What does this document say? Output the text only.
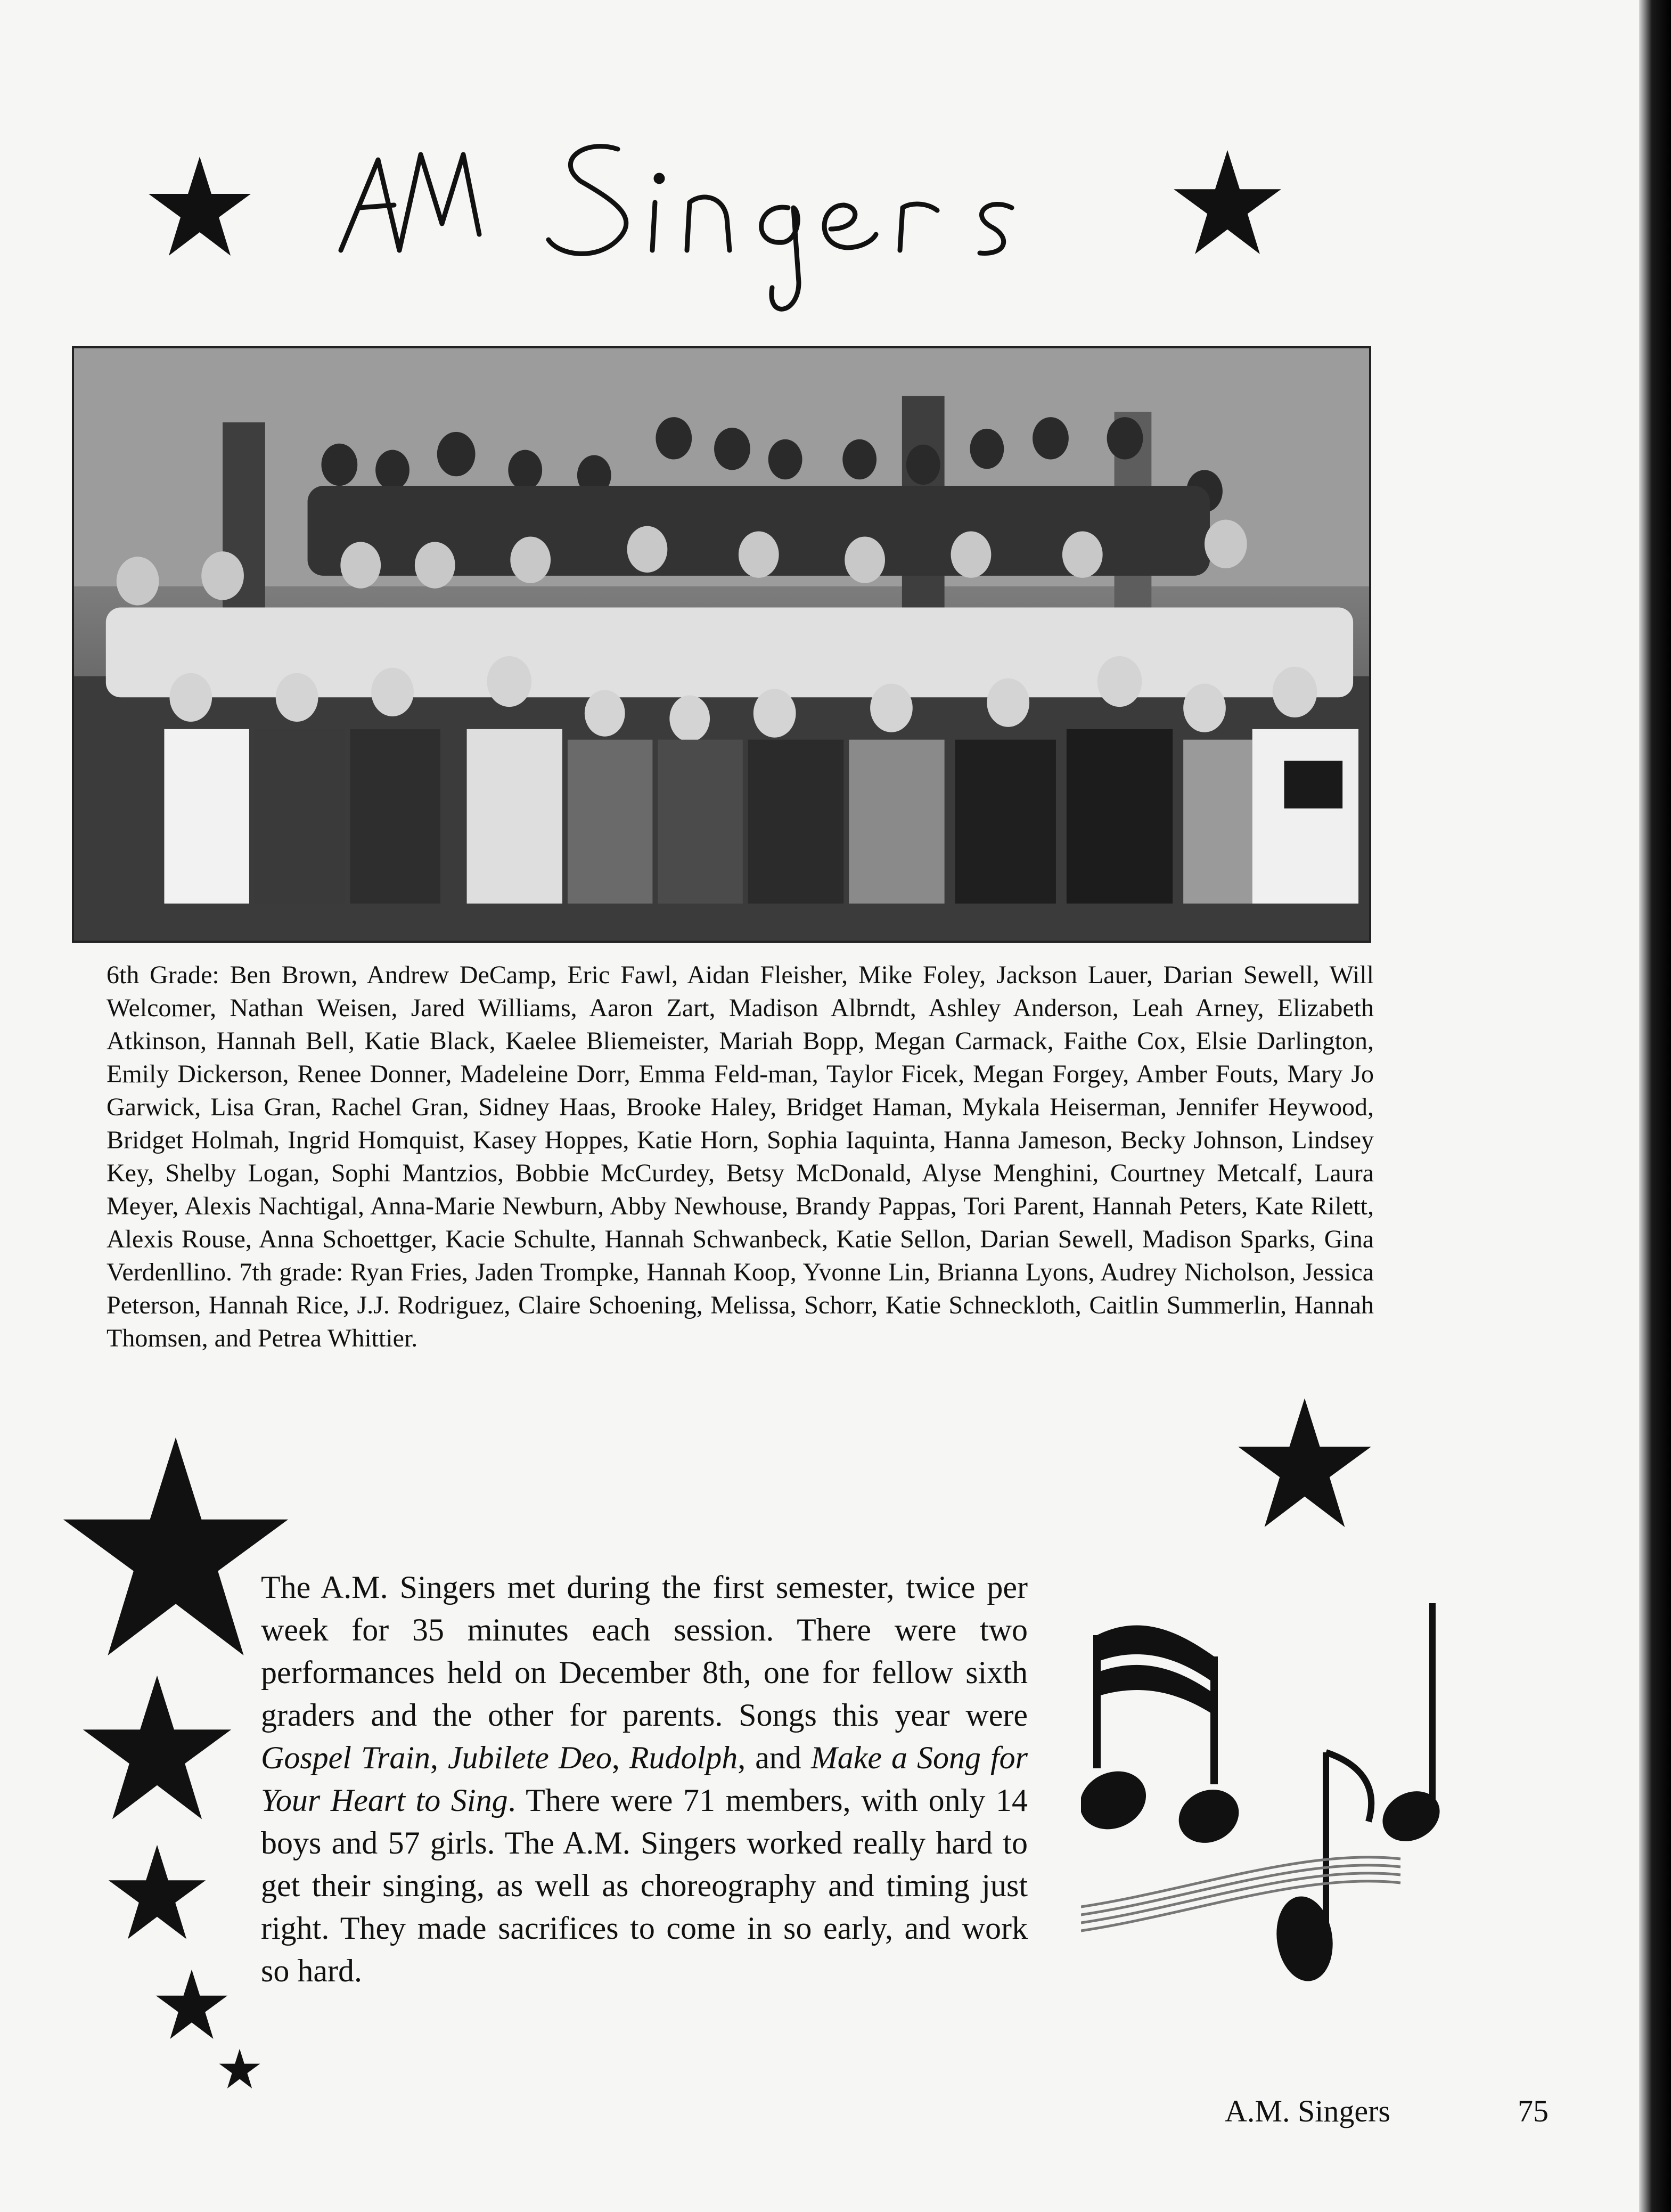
6th Grade: Ben Brown, Andrew DeCamp, Eric Fawl, Aidan Fleisher, Mike Foley, Jackson Lauer, Darian Sewell, Will Welcomer, Nathan Weisen, Jared Williams, Aaron Zart, Madison Albrndt, Ashley Anderson, Leah Arney, Elizabeth Atkinson, Hannah Bell, Katie Black, Kaelee Bliemeister, Mariah Bopp, Megan Carmack, Faithe Cox, Elsie Darlington, Emily Dickerson, Renee Donner, Madeleine Dorr, Emma Feld-man, Taylor Ficek, Megan Forgey, Amber Fouts, Mary Jo Garwick, Lisa Gran, Rachel Gran, Sidney Haas, Brooke Haley, Bridget Haman, Mykala Heiserman, Jennifer Heywood, Bridget Holmah, Ingrid Homquist, Kasey Hoppes, Katie Horn, Sophia Iaquinta, Hanna Jameson, Becky Johnson, Lindsey Key, Shelby Logan, Sophi Mantzios, Bobbie McCurdey, Betsy McDonald, Alyse Menghini, Courtney Metcalf, Laura Meyer, Alexis Nachtigal, Anna-Marie Newburn, Abby Newhouse, Brandy Pappas, Tori Parent, Hannah Peters, Kate Rilett, Alexis Rouse, Anna Schoettger, Kacie Schulte, Hannah Schwanbeck, Katie Sellon, Darian Sewell, Madison Sparks, Gina Verdenllino. 7th grade: Ryan Fries, Jaden Trompke, Hannah Koop, Yvonne Lin, Brianna Lyons, Audrey Nicholson, Jessica Peterson, Hannah Rice, J.J. Rodriguez, Claire Schoening, Melissa, Schorr, Katie Schneckloth, Caitlin Summerlin, Hannah Thomsen, and Petrea Whittier.
The A.M. Singers met during the first semester, twice per week for 35 minutes each session. There were two performances held on December 8th, one for fellow sixth graders and the other for parents. Songs this year were Gospel Train, Jubilete Deo, Rudolph, and Make a Song for Your Heart to Sing. There were 71 members, with only 14 boys and 57 girls. The A.M. Singers worked really hard to get their singing, as well as choreography and timing just right. They made sacrifices to come in so early, and work so hard.
A.M. Singers	75
